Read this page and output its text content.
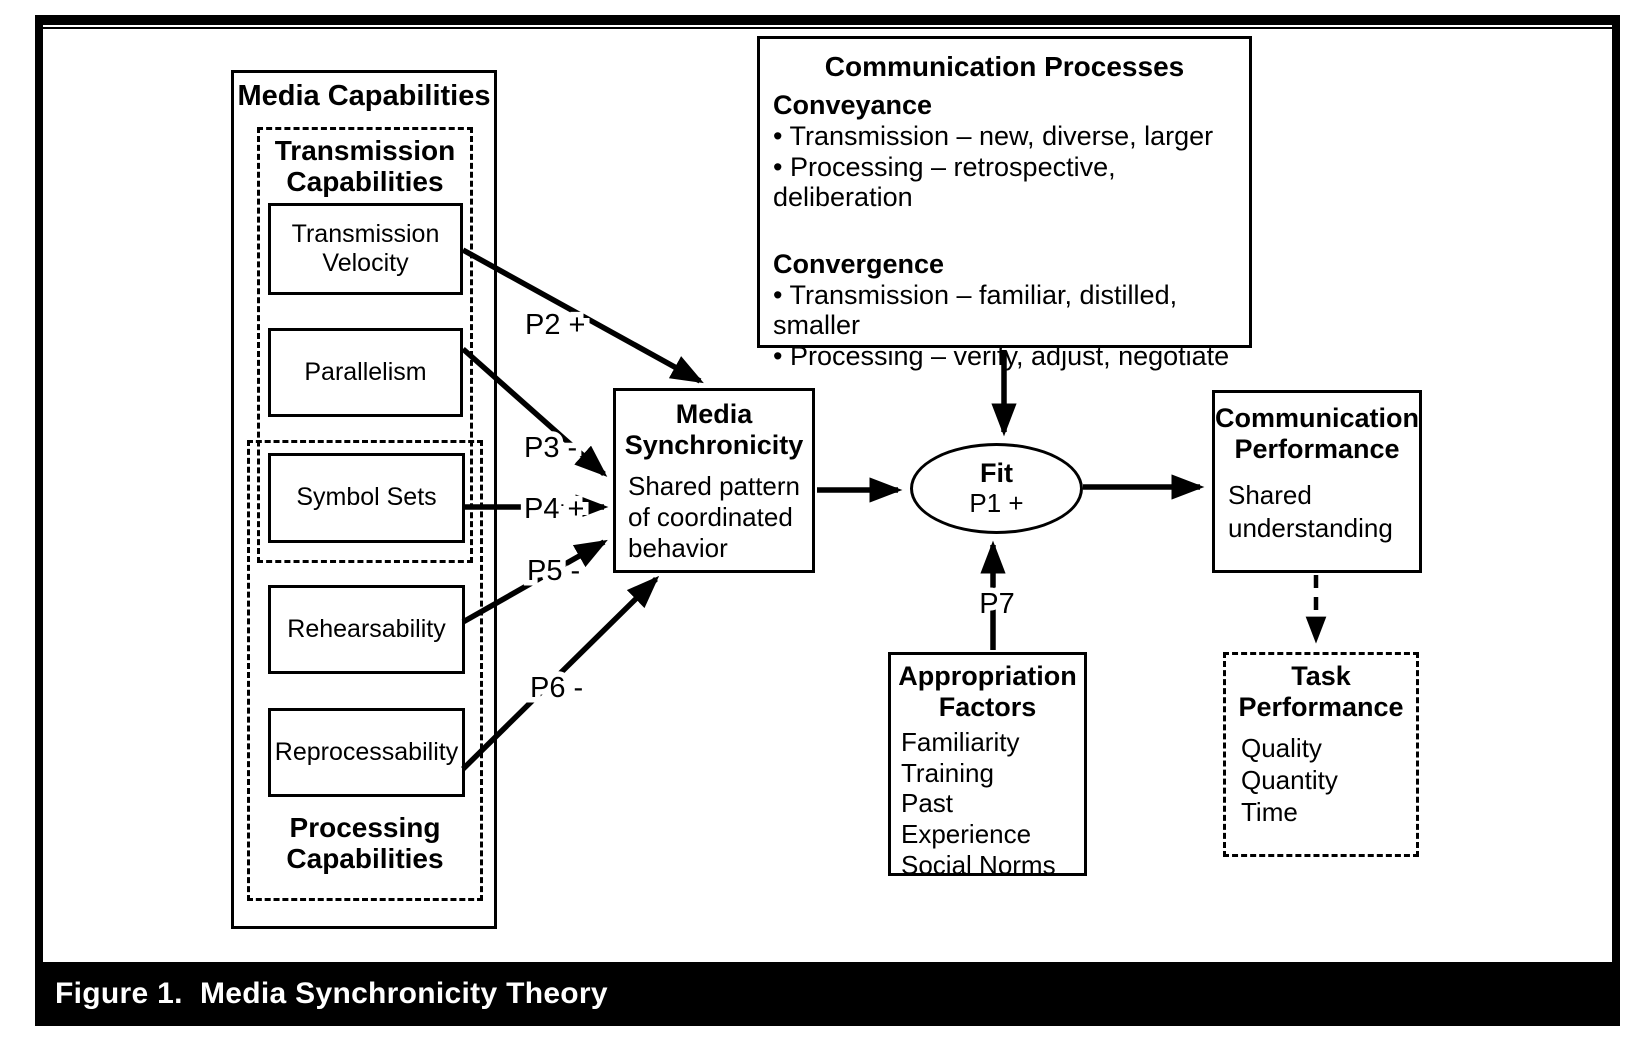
Media Capabilities
Transmission Capabilities
Processing Capabilities
Transmission Velocity
Parallelism
Symbol Sets
Rehearsability
Reprocessability
Media Synchronicity
Shared pattern of coordinated behavior
Communication Processes
Conveyance
• Transmission – new, diverse, larger
• Processing – retrospective, deliberation
Convergence
• Transmission – familiar, distilled, smaller
• Processing – verify, adjust, negotiate
Fit
P1 +
Communication Performance
Shared understanding
Task Performance
Quality
Quantity
Time
Appropriation Factors
Familiarity
Training
Past Experience
Social Norms
P2 +
P3 -
P4 +
P5 -
P6 -
P7
Figure 1.  Media Synchronicity Theory
